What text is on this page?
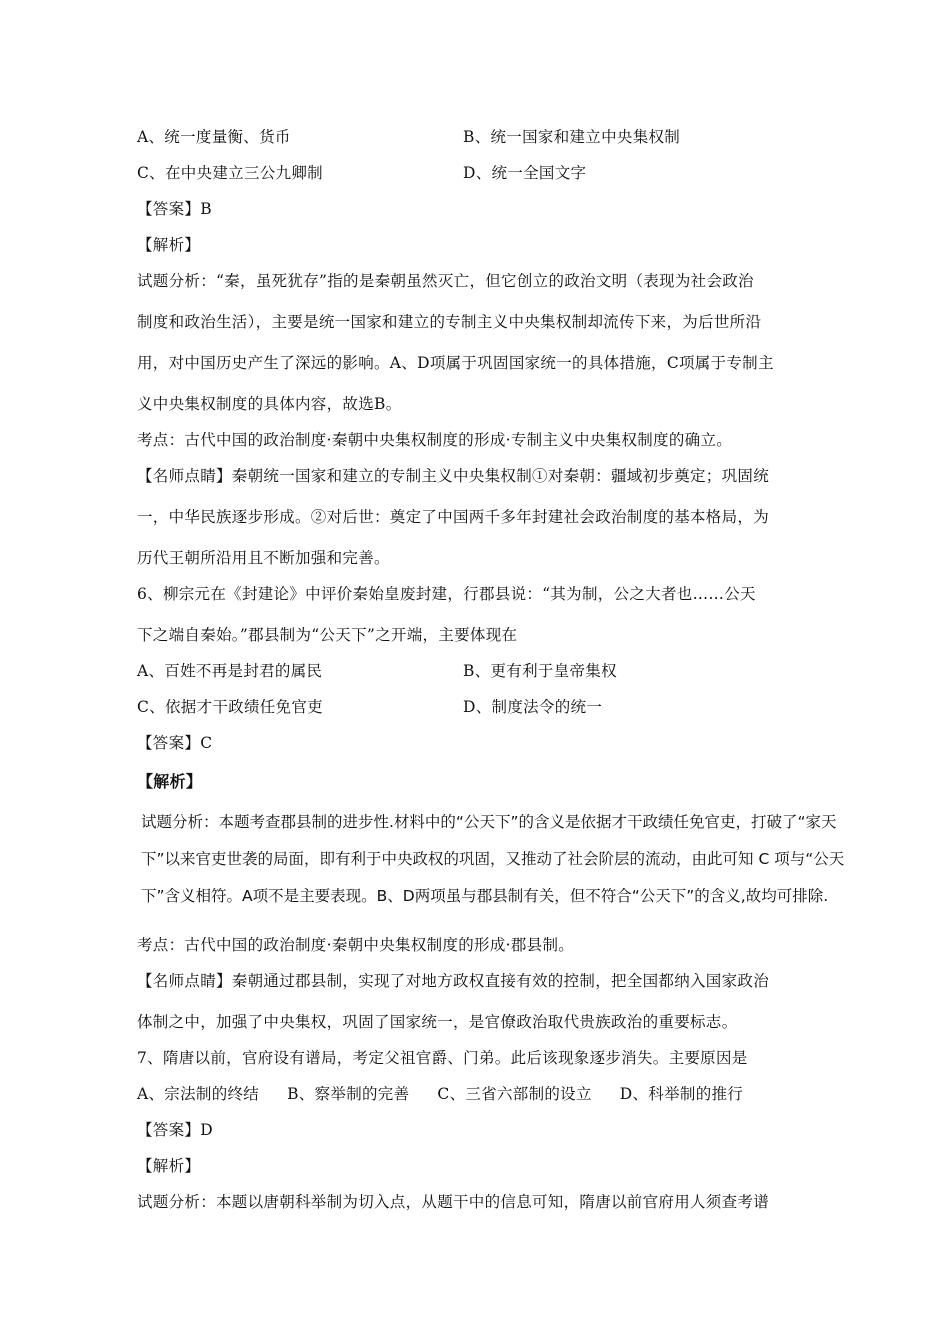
A、统一度量衡、货币	B、统一国家和建立中央集权制
C、在中央建立三公九卿制	D、统一全国文字
【答案】B
【解析】
试题分析：“秦，虽死犹存”指的是秦朝虽然灭亡，但它创立的政治文明（表现为社会政治
制度和政治生活），主要是统一国家和建立的专制主义中央集权制却流传下来，为后世所沿
用，对中国历史产生了深远的影响。A、D项属于巩固国家统一的具体措施，C项属于专制主
义中央集权制度的具体内容，故选B。
考点：古代中国的政治制度·秦朝中央集权制度的形成·专制主义中央集权制度的确立。
【名师点睛】秦朝统一国家和建立的专制主义中央集权制①对秦朝：疆域初步奠定；巩固统
一，中华民族逐步形成。②对后世：奠定了中国两千多年封建社会政治制度的基本格局，为
历代王朝所沿用且不断加强和完善。
6、柳宗元在《封建论》中评价秦始皇废封建，行郡县说：“其为制，公之大者也……公天
下之端自秦始。”郡县制为“公天下”之开端，主要体现在
A、百姓不再是封君的属民	B、更有利于皇帝集权
C、依据才干政绩任免官吏	D、制度法令的统一
【答案】C
【解析】
试题分析：本题考查郡县制的进步性.材料中的“公天下”的含义是依据才干政绩任免官吏，打破了“家天
下”以来官吏世袭的局面，即有利于中央政权的巩固，又推动了社会阶层的流动，由此可知 C 项与“公天
下”含义相符。A项不是主要表现。B、D两项虽与郡县制有关，但不符合“公天下”的含义,故均可排除.
考点：古代中国的政治制度·秦朝中央集权制度的形成·郡县制。
【名师点睛】秦朝通过郡县制，实现了对地方政权直接有效的控制，把全国都纳入国家政治
体制之中，加强了中央集权，巩固了国家统一，是官僚政治取代贵族政治的重要标志。
7、隋唐以前，官府设有谱局，考定父祖官爵、门弟。此后该现象逐步消失。主要原因是
A、宗法制的终结 B、察举制的完善 C、三省六部制的设立 D、科举制的推行
【答案】D
【解析】
试题分析：本题以唐朝科举制为切入点，从题干中的信息可知，隋唐以前官府用人须查考谱
